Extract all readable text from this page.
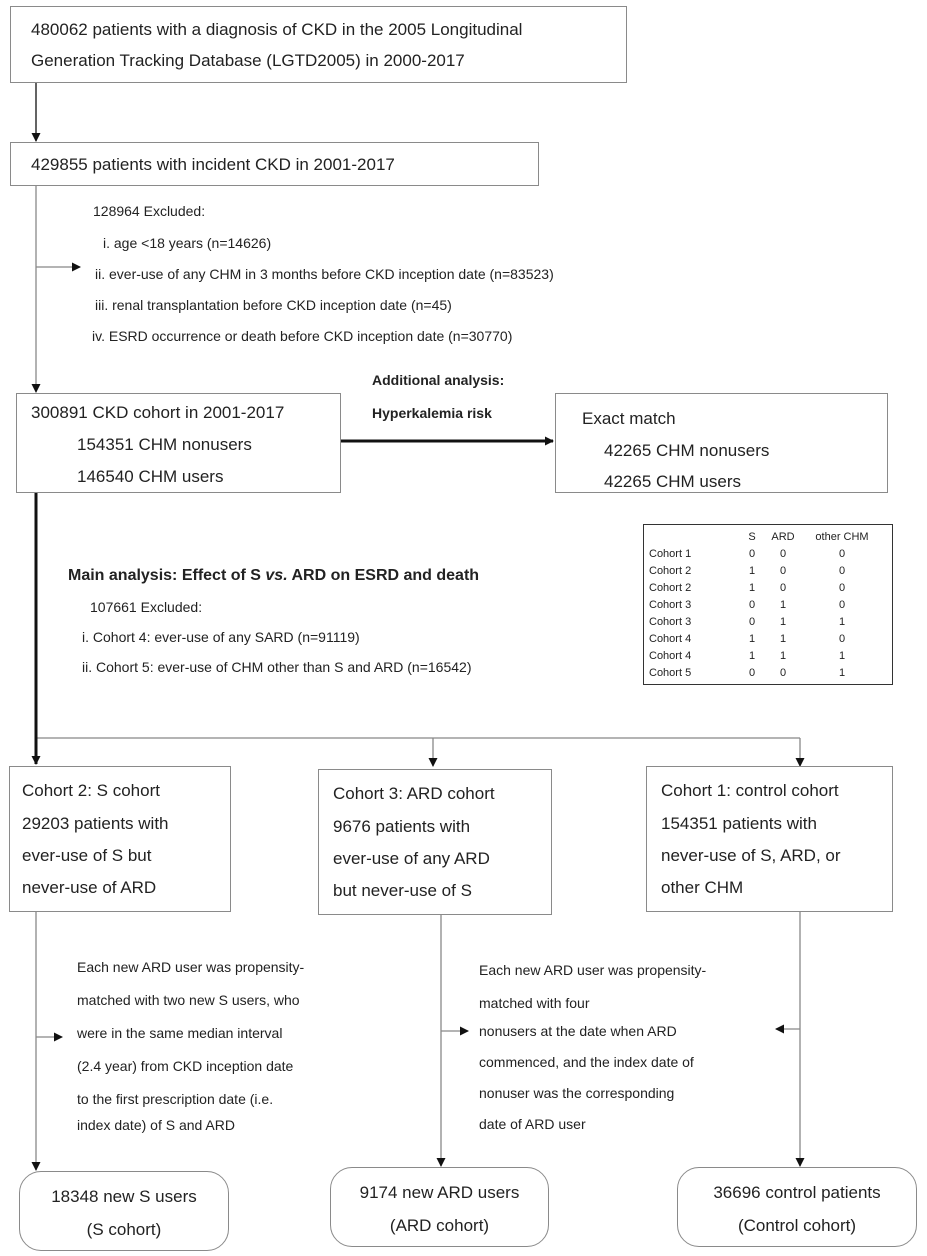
480062 patients with a diagnosis of CKD in the 2005 Longitudinal
Generation Tracking Database (LGTD2005) in 2000-2017
429855 patients with incident CKD in 2001-2017
128964 Excluded:
i. age <18 years (n=14626)
ii. ever-use of any CHM in 3 months before CKD inception date (n=83523)
iii. renal transplantation before CKD inception date (n=45)
iv. ESRD occurrence or death before CKD inception date (n=30770)
300891 CKD cohort in 2001-2017
154351 CHM nonusers
146540 CHM users
Additional analysis:
Hyperkalemia risk	Exact match
42265 CHM nonusers
42265 CHM users
Main analysis: Effect of S vs. ARD on ESRD and death
107661 Excluded:
i. Cohort 4: ever-use of any SARD (n=91119)
ii. Cohort 5: ever-use of CHM other than S and ARD (n=16542)
	S	ARD	other CHM
Cohort 1	0	0	0
Cohort 2	1	0	0
Cohort 2	1	0	0
Cohort 3	0	1	0
Cohort 3	0	1	1
Cohort 4	1	1	0
Cohort 4	1	1	1
Cohort 5	0	0	1
Cohort 2: S cohort
29203 patients with
ever-use of S but
never-use of ARD
Cohort 3: ARD cohort
9676 patients with
ever-use of any ARD
but never-use of S
Cohort 1: control cohort
154351 patients with
never-use of S, ARD, or
other CHM
Each new ARD user was propensity-
matched with two new S users, who
were in the same median interval
(2.4 year) from CKD inception date
to the first prescription date (i.e.
index date) of S and ARD
Each new ARD user was propensity-
matched with four
nonusers at the date when ARD
commenced, and the index date of
nonuser was the corresponding
date of ARD user
18348 new S users
(S cohort)
9174 new ARD users
(ARD cohort)
36696 control patients
(Control cohort)
